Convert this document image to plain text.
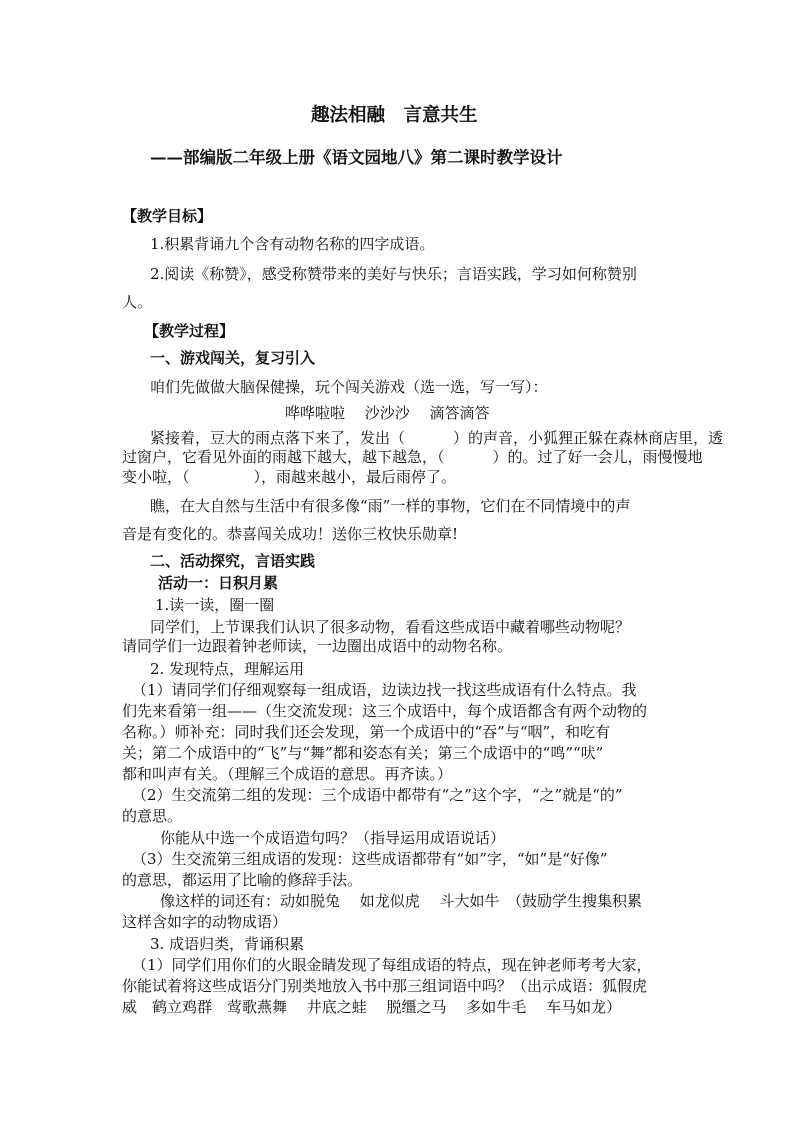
趣法相融　言意共生
——部编版二年级上册《语文园地八》第二课时教学设计
【教学目标】
1.积累背诵九个含有动物名称的四字成语。
2.阅读《称赞》，感受称赞带来的美好与快乐；言语实践，学习如何称赞别
人。
【教学过程】
一、游戏闯关，复习引入
咱们先做做大脑保健操，玩个闯关游戏（选一选，写一写）：
哗哗啦啦　 沙沙沙　 滴答滴答
紧接着，豆大的雨点落下来了，发出（	）的声音，小狐狸正躲在森林商店里，透
过窗户，它看见外面的雨越下越大，越下越急，（	）的。过了好一会儿，雨慢慢地
变小啦，（	），雨越来越小，最后雨停了。
瞧，在大自然与生活中有很多像“雨”一样的事物，它们在不同情境中的声
音是有变化的。恭喜闯关成功！送你三枚快乐勋章!
二、活动探究，言语实践
活动一：日积月累
1.读一读，圈一圈
同学们，上节课我们认识了很多动物，看看这些成语中藏着哪些动物呢？
请同学们一边跟着钟老师读，一边圈出成语中的动物名称。
2. 发现特点，理解运用
（1）请同学们仔细观察每一组成语，边读边找一找这些成语有什么特点。我
们先来看第一组——（生交流发现：这三个成语中，每个成语都含有两个动物的
名称。）师补充：同时我们还会发现，第一个成语中的“吞”与“咽”，和吃有
关；第二个成语中的“飞”与“舞”都和姿态有关；第三个成语中的“鸣”“吠”
都和叫声有关。（理解三个成语的意思。再齐读。）
（2）生交流第二组的发现：三个成语中都带有“之”这个字，“之”就是“的”
的意思。
你能从中选一个成语造句吗？（指导运用成语说话）
（3）生交流第三组成语的发现：这些成语都带有“如”字，“如”是“好像”
的意思，都运用了比喻的修辞手法。
像这样的词还有：动如脱兔　 如龙似虎　 斗大如牛　（鼓励学生搜集积累
这样含如字的动物成语）
3. 成语归类，背诵积累
（1）同学们用你们的火眼金睛发现了每组成语的特点，现在钟老师考考大家，
你能试着将这些成语分门别类地放入书中那三组词语中吗？（出示成语：狐假虎
威　鹤立鸡群　莺歌燕舞　 井底之蛙　 脱缰之马　 多如牛毛　 车马如龙）
